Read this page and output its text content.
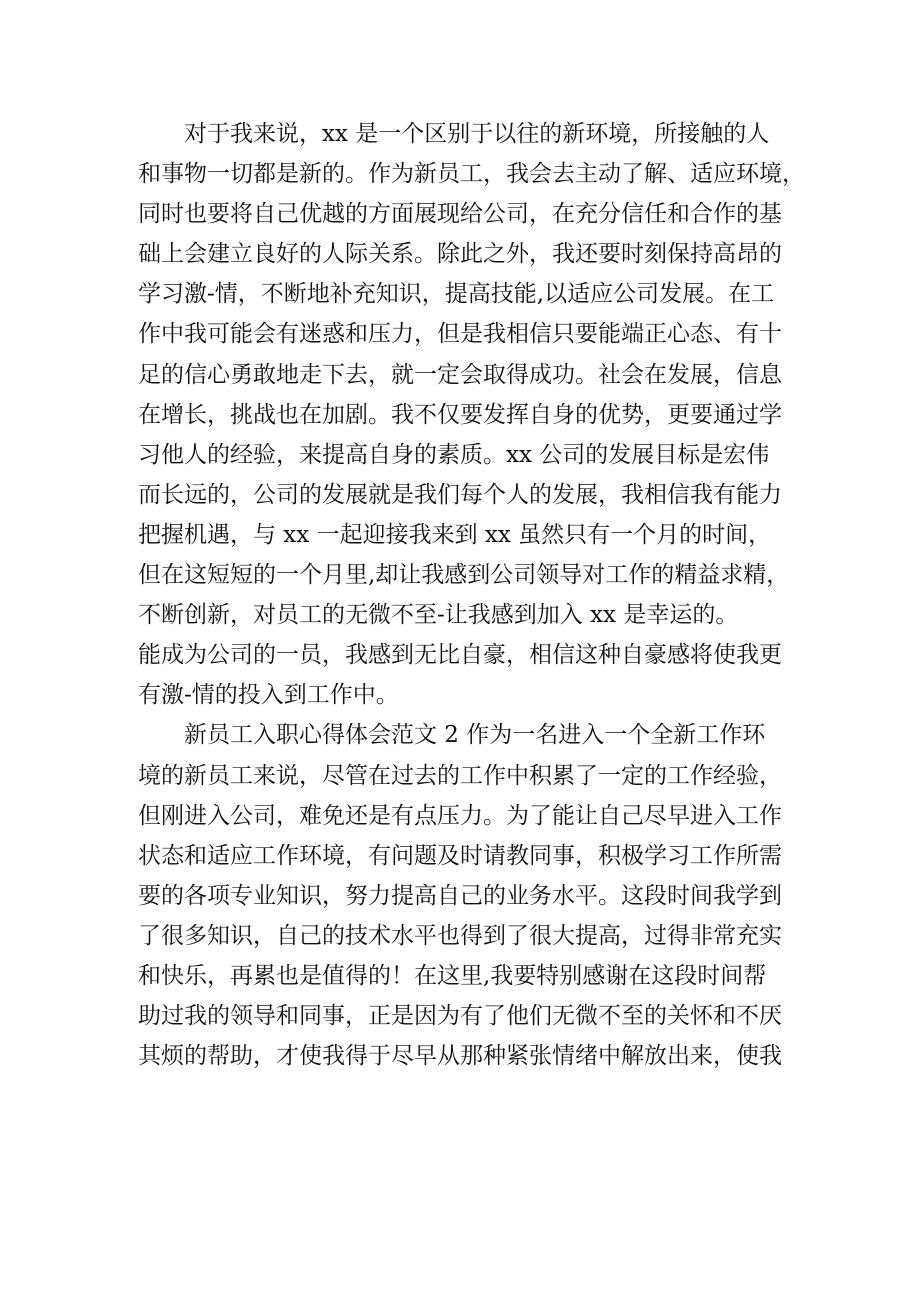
对于我来说，xx 是一个区别于以往的新环境，所接触的人
和事物一切都是新的。作为新员工，我会去主动了解、适应环境，
同时也要将自己优越的方面展现给公司，在充分信任和合作的基
础上会建立良好的人际关系。除此之外，我还要时刻保持高昂的
学习激-情，不断地补充知识，提高技能,以适应公司发展。在工
作中我可能会有迷惑和压力，但是我相信只要能端正心态、有十
足的信心勇敢地走下去，就一定会取得成功。社会在发展，信息
在增长，挑战也在加剧。我不仅要发挥自身的优势，更要通过学
习他人的经验，来提高自身的素质。xx 公司的发展目标是宏伟
而长远的，公司的发展就是我们每个人的发展，我相信我有能力
把握机遇，与 xx 一起迎接我来到 xx 虽然只有一个月的时间，
但在这短短的一个月里,却让我感到公司领导对工作的精益求精，
不断创新，对员工的无微不至-让我感到加入 xx 是幸运的。
能成为公司的一员，我感到无比自豪，相信这种自豪感将使我更
有激-情的投入到工作中。
新员工入职心得体会范文 2 作为一名进入一个全新工作环
境的新员工来说，尽管在过去的工作中积累了一定的工作经验，
但刚进入公司，难免还是有点压力。为了能让自己尽早进入工作
状态和适应工作环境，有问题及时请教同事，积极学习工作所需
要的各项专业知识，努力提高自己的业务水平。这段时间我学到
了很多知识，自己的技术水平也得到了很大提高，过得非常充实
和快乐，再累也是值得的！在这里,我要特别感谢在这段时间帮
助过我的领导和同事，正是因为有了他们无微不至的关怀和不厌
其烦的帮助，才使我得于尽早从那种紧张情绪中解放出来，使我
